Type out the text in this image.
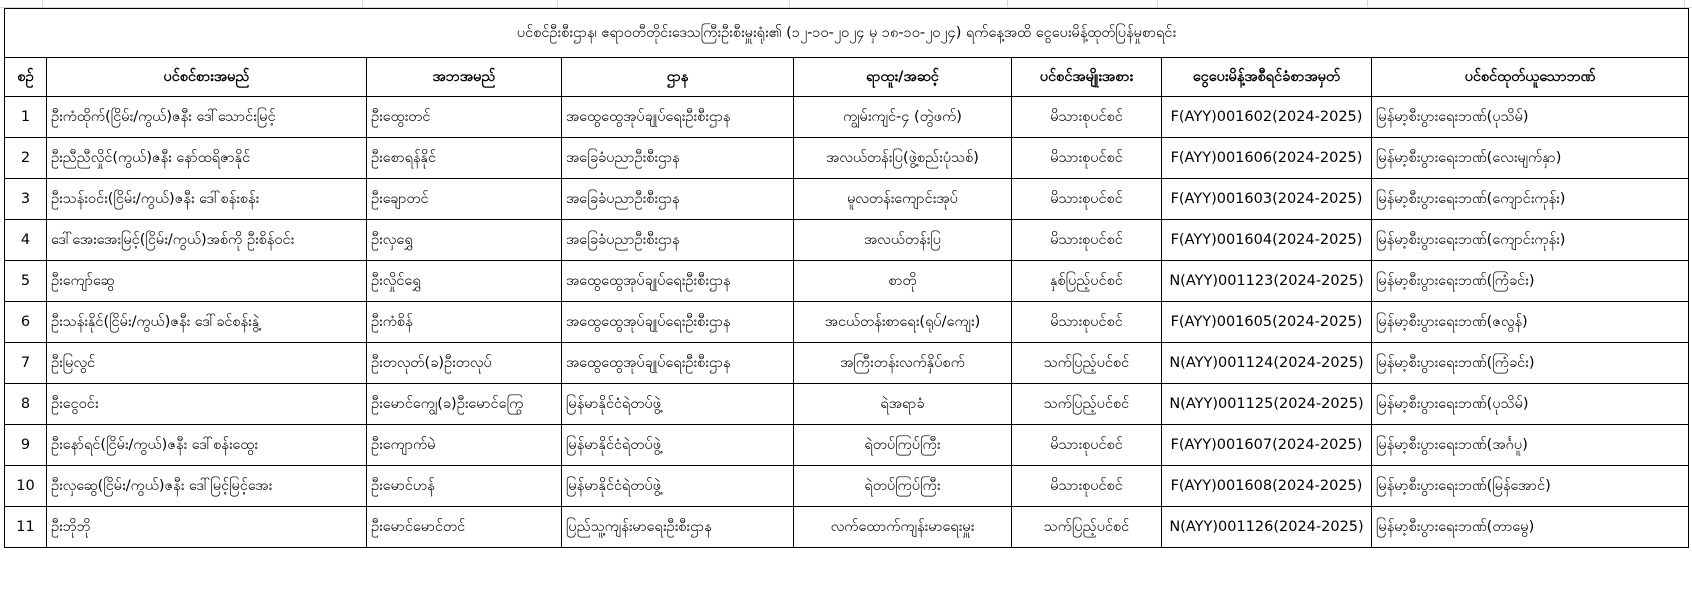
ပင်စင်ဦးစီးဌာန၊ ဧရာဝတီတိုင်းဒေသကြီးဦးစီးမှူးရုံး၏ (၁၂-၁၀-၂၀၂၄ မှ ၁၈-၁၀-၂၀၂၄) ရက်နေ့အထိ ငွေပေးမိန့်ထုတ်ပြန်မှုစာရင်း							
စဉ်	ပင်စင်စားအမည်	အဘအမည်	ဌာန	ရာထူး/အဆင့်	ပင်စင်အမျိုးအစား	ငွေပေးမိန့်အစီရင်ခံစာအမှတ်	ပင်စင်ထုတ်ယူသောဘဏ်
1	ဦးကံထိုက်(ငြိမ်း/ကွယ်)ဇနီး ဒေါ်သောင်းမြင့်	ဦးထွေးတင်	အထွေထွေအုပ်ချုပ်ရေးဦးစီးဌာန	ကျွမ်းကျင်-၄ (တွဲဖက်)	မိသားစုပင်စင်	F(AYY)001602(2024-2025)	မြန်မာ့စီးပွားရေးဘဏ်(ပုသိမ်)
2	ဦးညီညီလှိုင်(ကွယ်)ဇနီး နော်ထရိဇာနိုင်	ဦးစောရန်နိုင်	အခြေခံပညာဦးစီးဌာန	အလယ်တန်းပြ(ဖွဲ့စည်းပုံသစ်)	မိသားစုပင်စင်	F(AYY)001606(2024-2025)	မြန်မာ့စီးပွားရေးဘဏ်(လေးမျက်နှာ)
3	ဦးသန်းဝင်း(ငြိမ်း/ကွယ်)ဇနီး ဒေါ်စန်းစန်း	ဦးချောတင်	အခြေခံပညာဦးစီးဌာန	မူလတန်းကျောင်းအုပ်	မိသားစုပင်စင်	F(AYY)001603(2024-2025)	မြန်မာ့စီးပွားရေးဘဏ်(ကျောင်းကုန်း)
4	ဒေါ်အေးအေးမြင့်(ငြိမ်း/ကွယ်)အစ်ကို ဦးစိန်ဝင်း	ဦးလှရွှေ	အခြေခံပညာဦးစီးဌာန	အလယ်တန်းပြ	မိသားစုပင်စင်	F(AYY)001604(2024-2025)	မြန်မာ့စီးပွားရေးဘဏ်(ကျောင်းကုန်း)
5	ဦးကျော်ဆွေ	ဦးလှိုင်ရွှေ	အထွေထွေအုပ်ချုပ်ရေးဦးစီးဌာန	စာတို	နှစ်ပြည့်ပင်စင်	N(AYY)001123(2024-2025)	မြန်မာ့စီးပွားရေးဘဏ်(ကြံခင်း)
6	ဦးသန်းနိုင်(ငြိမ်း/ကွယ်)ဇနီး ဒေါ်ခင်စန်းနွဲ့	ဦးကံစိန်	အထွေထွေအုပ်ချုပ်ရေးဦးစီးဌာန	အငယ်တန်းစာရေး(ရုပ်/ကျေး)	မိသားစုပင်စင်	F(AYY)001605(2024-2025)	မြန်မာ့စီးပွားရေးဘဏ်(ဇလွန်)
7	ဦးမြလွင်	ဦးတလုတ်(ခ)ဦးတလုပ်	အထွေထွေအုပ်ချုပ်ရေးဦးစီးဌာန	အကြီးတန်းလက်နှိပ်စက်	သက်ပြည့်ပင်စင်	N(AYY)001124(2024-2025)	မြန်မာ့စီးပွားရေးဘဏ်(ကြံခင်း)
8	ဦးငွေဝင်း	ဦးမောင်ကျွေ(ခ)ဦးမောင်ကြွေ	မြန်မာနိုင်ငံရဲတပ်ဖွဲ့	ရဲအရာခံ	သက်ပြည့်ပင်စင်	N(AYY)001125(2024-2025)	မြန်မာ့စီးပွားရေးဘဏ်(ပုသိမ်)
9	ဦးနော်ရင်(ငြိမ်း/ကွယ်)ဇနီး ဒေါ်စန်းထွေး	ဦးကျောက်မဲ	မြန်မာနိုင်ငံရဲတပ်ဖွဲ့	ရဲတပ်ကြပ်ကြီး	မိသားစုပင်စင်	F(AYY)001607(2024-2025)	မြန်မာ့စီးပွားရေးဘဏ်(အင်္ဂပူ)
10	ဦးလှဆွေ(ငြိမ်း/ကွယ်)ဇနီး ဒေါ်မြင့်မြင့်အေး	ဦးမောင်ဟန်	မြန်မာနိုင်ငံရဲတပ်ဖွဲ့	ရဲတပ်ကြပ်ကြီး	မိသားစုပင်စင်	F(AYY)001608(2024-2025)	မြန်မာ့စီးပွားရေးဘဏ်(မြန်အောင်)
11	ဦးဘိုဘို	ဦးမောင်မောင်တင်	ပြည်သူ့ကျန်းမာရေးဦးစီးဌာန	လက်ထောက်ကျန်းမာရေးမှူး	သက်ပြည့်ပင်စင်	N(AYY)001126(2024-2025)	မြန်မာ့စီးပွားရေးဘဏ်(တာမွေ)
